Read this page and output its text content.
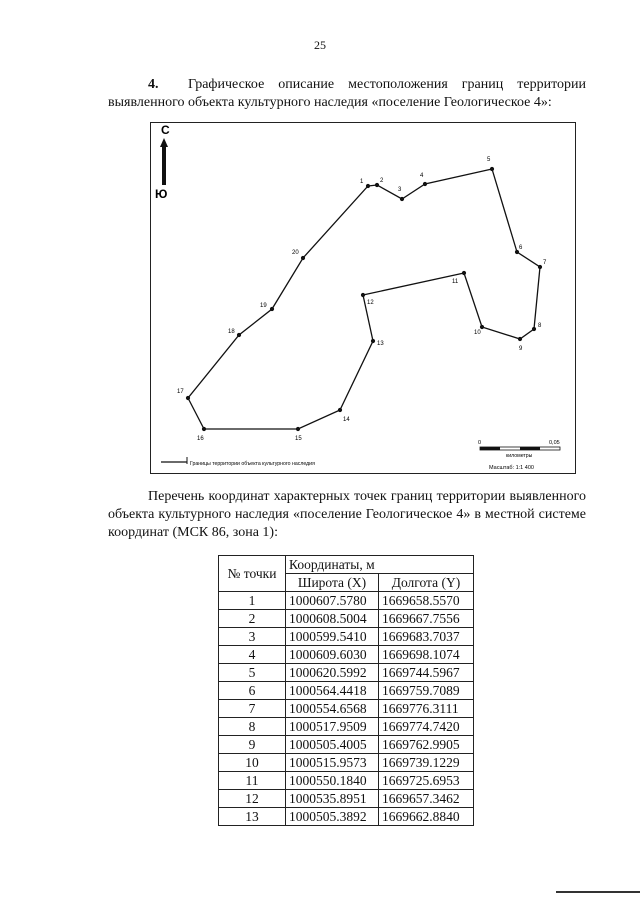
25
4. Графическое описание местоположения границ территории выявленного объекта культурного наследия «поселение Геологическое 4»:
С
Ю
1	2
3
4
5
6
7
8
9
10
11
12
13
14
15
16
17
18
19
20
Границы территории объекта культурного наследия
0	0,05
километры
Масштаб: 1:1 400
Перечень координат характерных точек границ территории выявленного объекта культурного наследия «поселение Геологическое 4» в местной системе координат (МСК 86, зона 1):
№ точки	Координаты, м	
	Широта (X)	Долгота (Y)
1	1000607.5780	1669658.5570
2	1000608.5004	1669667.7556
3	1000599.5410	1669683.7037
4	1000609.6030	1669698.1074
5	1000620.5992	1669744.5967
6	1000564.4418	1669759.7089
7	1000554.6568	1669776.3111
8	1000517.9509	1669774.7420
9	1000505.4005	1669762.9905
10	1000515.9573	1669739.1229
11	1000550.1840	1669725.6953
12	1000535.8951	1669657.3462
13	1000505.3892	1669662.8840
